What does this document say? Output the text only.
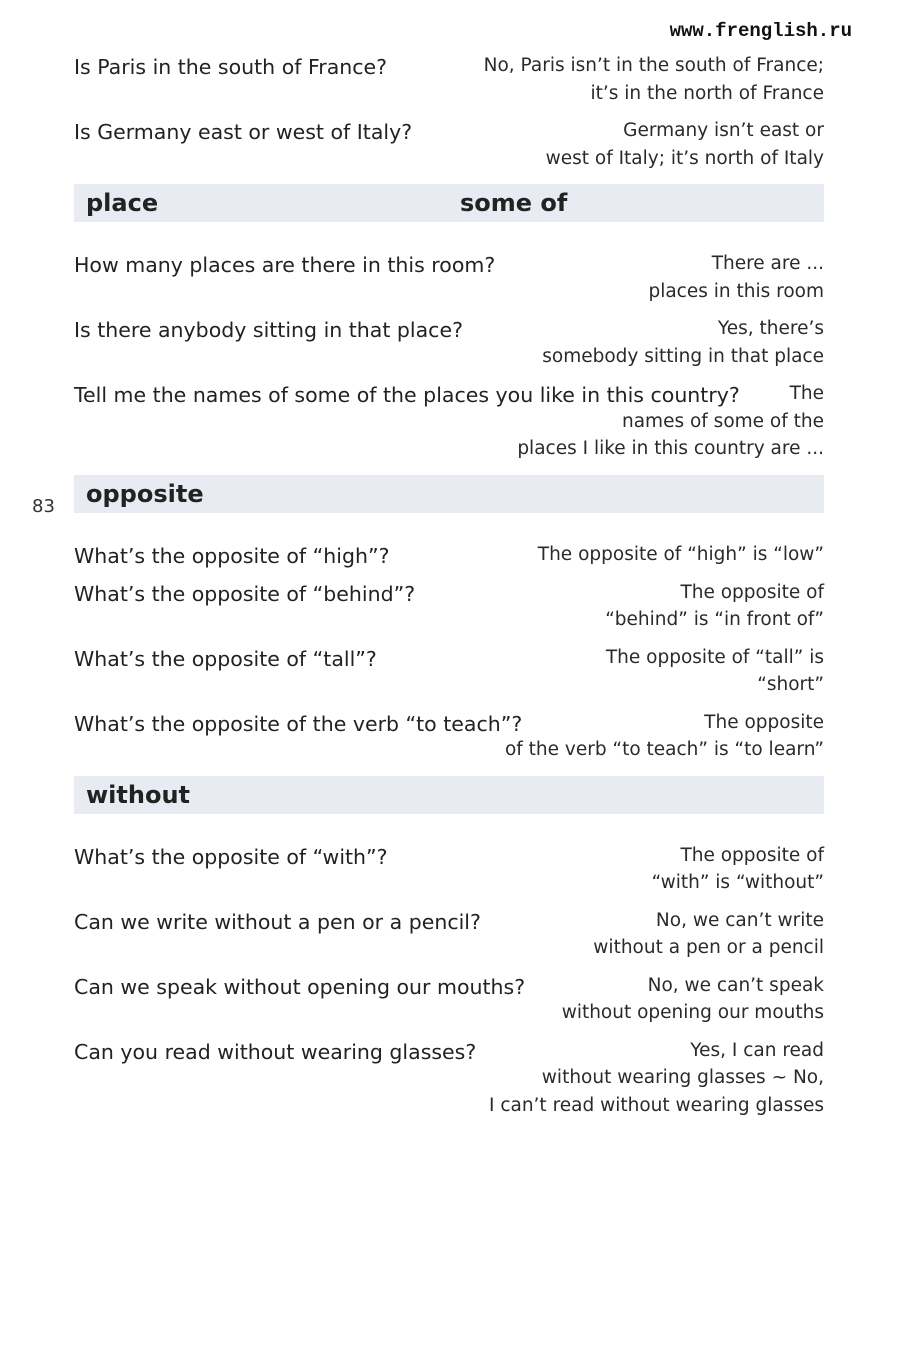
www.frenglish.ru
83
Is Paris in the south of France?	No, Paris isn’t in the south of France;
it’s in the north of France
Is Germany east or west of Italy?	Germany isn’t east or
west of Italy; it’s north of Italy
place	some of
How many places are there in this room?	There are ...
places in this room
Is there anybody sitting in that place?	Yes, there’s
somebody sitting in that place
Tell me the names of some of the places you like in this country?	The
names of some of the
places I like in this country are ...
opposite
What’s the opposite of “high”?	The opposite of “high” is “low”
What’s the opposite of “behind”?	The opposite of
“behind” is “in front of”
What’s the opposite of “tall”?	The opposite of “tall” is
“short”
What’s the opposite of the verb “to teach”?	The opposite
of the verb “to teach” is “to learn”
without
What’s the opposite of “with”?	The opposite of
“with” is “without”
Can we write without a pen or a pencil?	No, we can’t write
without a pen or a pencil
Can we speak without opening our mouths?	No, we can’t speak
without opening our mouths
Can you read without wearing glasses?	Yes, I can read
without wearing glasses ~ No,
I can’t read without wearing glasses
